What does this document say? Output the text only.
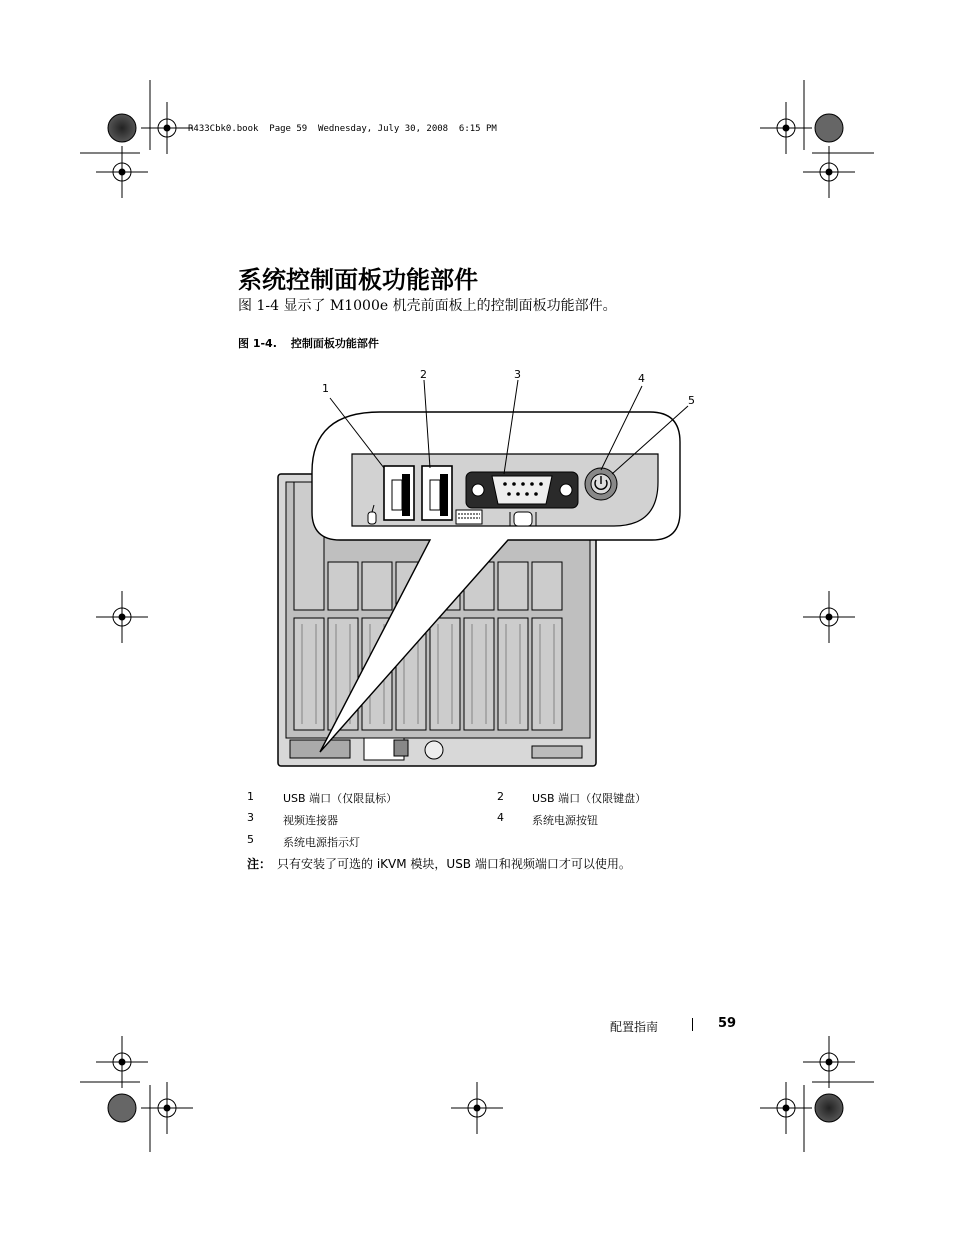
R433Cbk0.book  Page 59  Wednesday, July 30, 2008  6:15 PM
系统控制面板功能部件
图 1-4 显示了 M1000e 机壳前面板上的控制面板功能部件。
图 1-4. 控制面板功能部件
1
2	3	4
5
1	USB 端口（仅限鼠标）	2	USB 端口（仅限键盘）
3	视频连接器	4	系统电源按钮
5	系统电源指示灯
注： 只有安装了可选的 iKVM 模块，USB 端口和视频端口才可以使用。
配置指南	59
